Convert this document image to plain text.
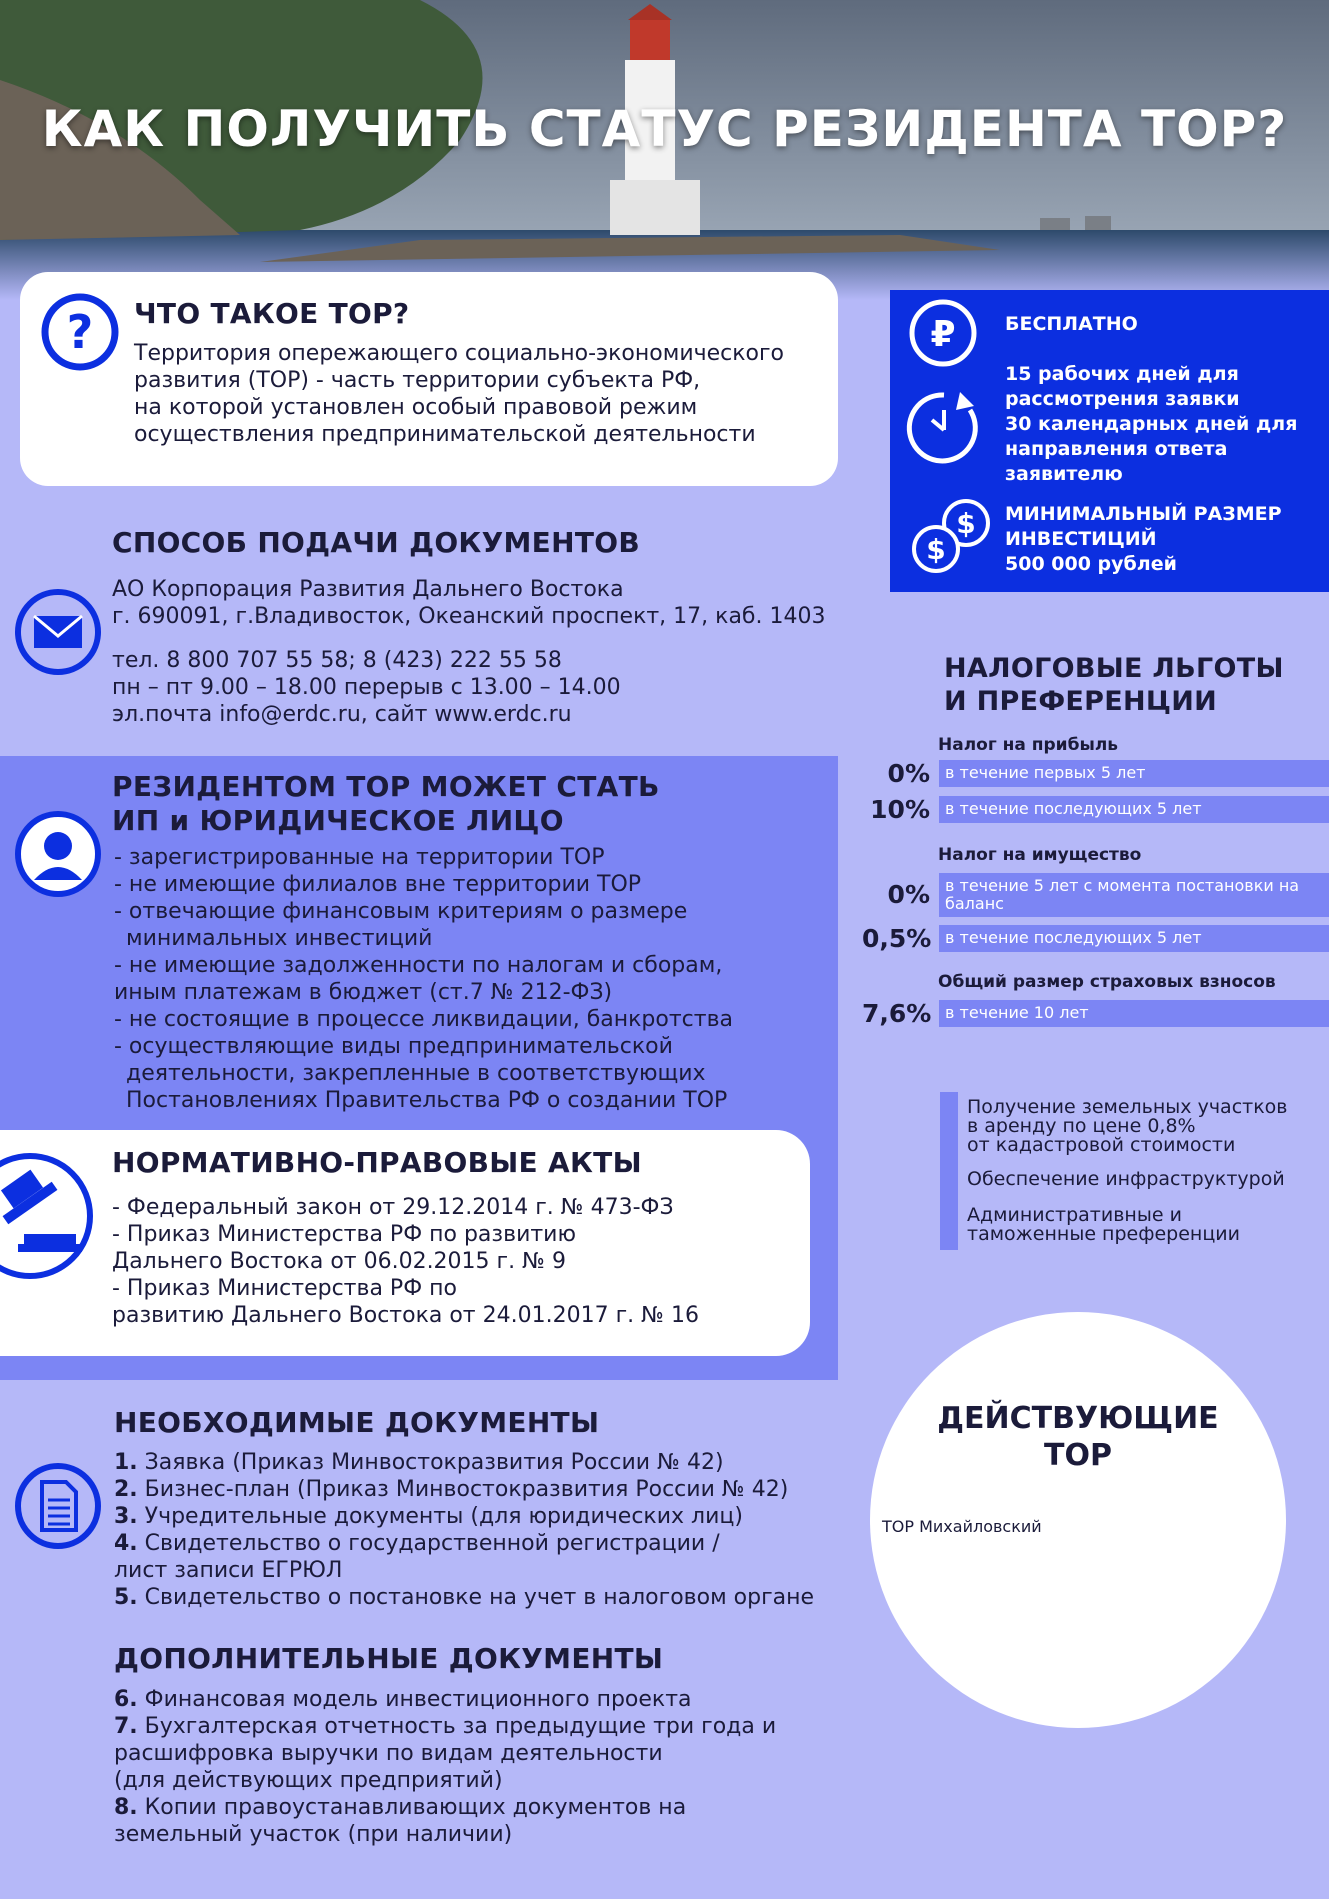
КАК ПОЛУЧИТЬ СТАТУС РЕЗИДЕНТА ТОР?
? ЧТО ТАКОЕ ТОР?
Территория опережающего социально-экономического
развития (ТОР) - часть территории субъекта РФ,
на которой установлен особый правовой режим
осуществления предпринимательской деятельности
₽	БЕСПЛАТНО
15 рабочих дней для
рассмотрения заявки
30 календарных дней для
направления ответа
заявителю
$
$
МИНИМАЛЬНЫЙ РАЗМЕР
ИНВЕСТИЦИЙ
500 000 рублей
СПОСОБ ПОДАЧИ ДОКУМЕНТОВ
АО Корпорация Развития Дальнего Востока
г. 690091, г.Владивосток, Океанский проспект, 17, каб. 1403
тел. 8 800 707 55 58; 8 (423) 222 55 58
пн – пт 9.00 – 18.00 перерыв с 13.00 – 14.00
эл.почта info@erdc.ru, сайт www.erdc.ru
РЕЗИДЕНТОМ ТОР МОЖЕТ СТАТЬ
ИП и ЮРИДИЧЕСКОЕ ЛИЦО
- зарегистрированные на территории ТОР
- не имеющие филиалов вне территории ТОР
- отвечающие финансовым критериям о размере
минимальных инвестиций
- не имеющие задолженности по налогам и сборам,
иным платежам в бюджет (ст.7 № 212-ФЗ)
- не состоящие в процессе ликвидации, банкротства
- осуществляющие виды предпринимательской
деятельности, закрепленные в соответствующих
Постановлениях Правительства РФ о создании ТОР
НОРМАТИВНО-ПРАВОВЫЕ АКТЫ
- Федеральный закон от 29.12.2014 г. № 473-ФЗ
- Приказ Министерства РФ по развитию
Дальнего Востока от 06.02.2015 г. № 9
- Приказ Министерства РФ по
развитию Дальнего Востока от 24.01.2017 г. № 16
НАЛОГОВЫЕ ЛЬГОТЫ
И ПРЕФЕРЕНЦИИ
Налог на прибыль
0% в течение первых 5 лет
10% в течение последующих 5 лет
Налог на имущество
0% в течение 5 лет с момента постановки на баланс
0,5% в течение последующих 5 лет
Общий размер страховых взносов
7,6% в течение 10 лет
Получение земельных участков
в аренду по цене 0,8%
от кадастровой стоимости
Обеспечение инфраструктурой
Административные и
таможенные преференции
ДЕЙСТВУЮЩИЕ
ТОР
ТОР Михайловский
НЕОБХОДИМЫЕ ДОКУМЕНТЫ
1. Заявка (Приказ Минвостокразвития России № 42)
2. Бизнес-план (Приказ Минвостокразвития России № 42)
3. Учредительные документы (для юридических лиц)
4. Свидетельство о государственной регистрации /
лист записи ЕГРЮЛ
5. Свидетельство о постановке на учет в налоговом органе
ДОПОЛНИТЕЛЬНЫЕ ДОКУМЕНТЫ
6. Финансовая модель инвестиционного проекта
7. Бухгалтерская отчетность за предыдущие три года и
расшифровка выручки по видам деятельности
(для действующих предприятий)
8. Копии правоустанавливающих документов на
земельный участок (при наличии)
